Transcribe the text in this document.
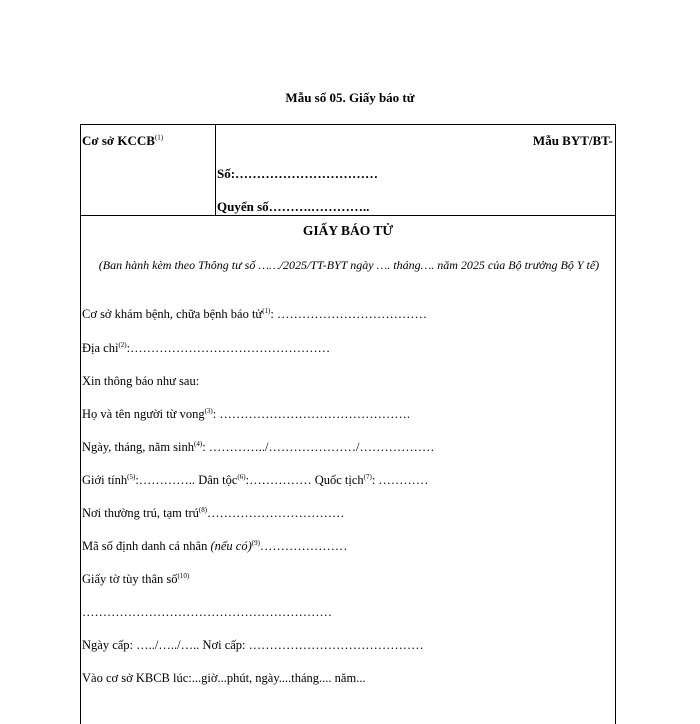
Mẫu số 05. Giấy báo tử
Cơ sở KCCB$^{(1)}$	Mẫu BYT/BT-
Số:……………………………
Quyển số……….…………..
GIẤY BÁO TỬ
(Ban hành kèm theo Thông tư số ……/2025/TT-BYT ngày …. tháng…. năm 2025 của Bộ trưởng Bộ Y tế)
Cơ sở khám bệnh, chữa bệnh báo tử$^{(1)}$: ………………………………
Địa chỉ$^{(2)}$:…………………………………………
Xin thông báo như sau:
Họ và tên người từ vong$^{(3)}$: ……………………………………….
Ngày, tháng, năm $\sinh^{(4)}$: …………../…………………/………………
Giới tính$^{(5)}$:………….. Dân tộc$^{(6)}$:…………… Quốc tịch$^{(7)}$: …………
Nơi thường trú, tạm trú$^{(8)}$……………………………
Mã số định danh cá nhân (nếu có)$^{(9)}$…………………
Giấy tờ tùy thân số$^{(10)}$
……………………………………………………
Ngày cấp: …../…../….. Nơi cấp: ……………………………………
Vào cơ sở KBCB lúc:...giờ...phút, ngày....tháng.... năm...
